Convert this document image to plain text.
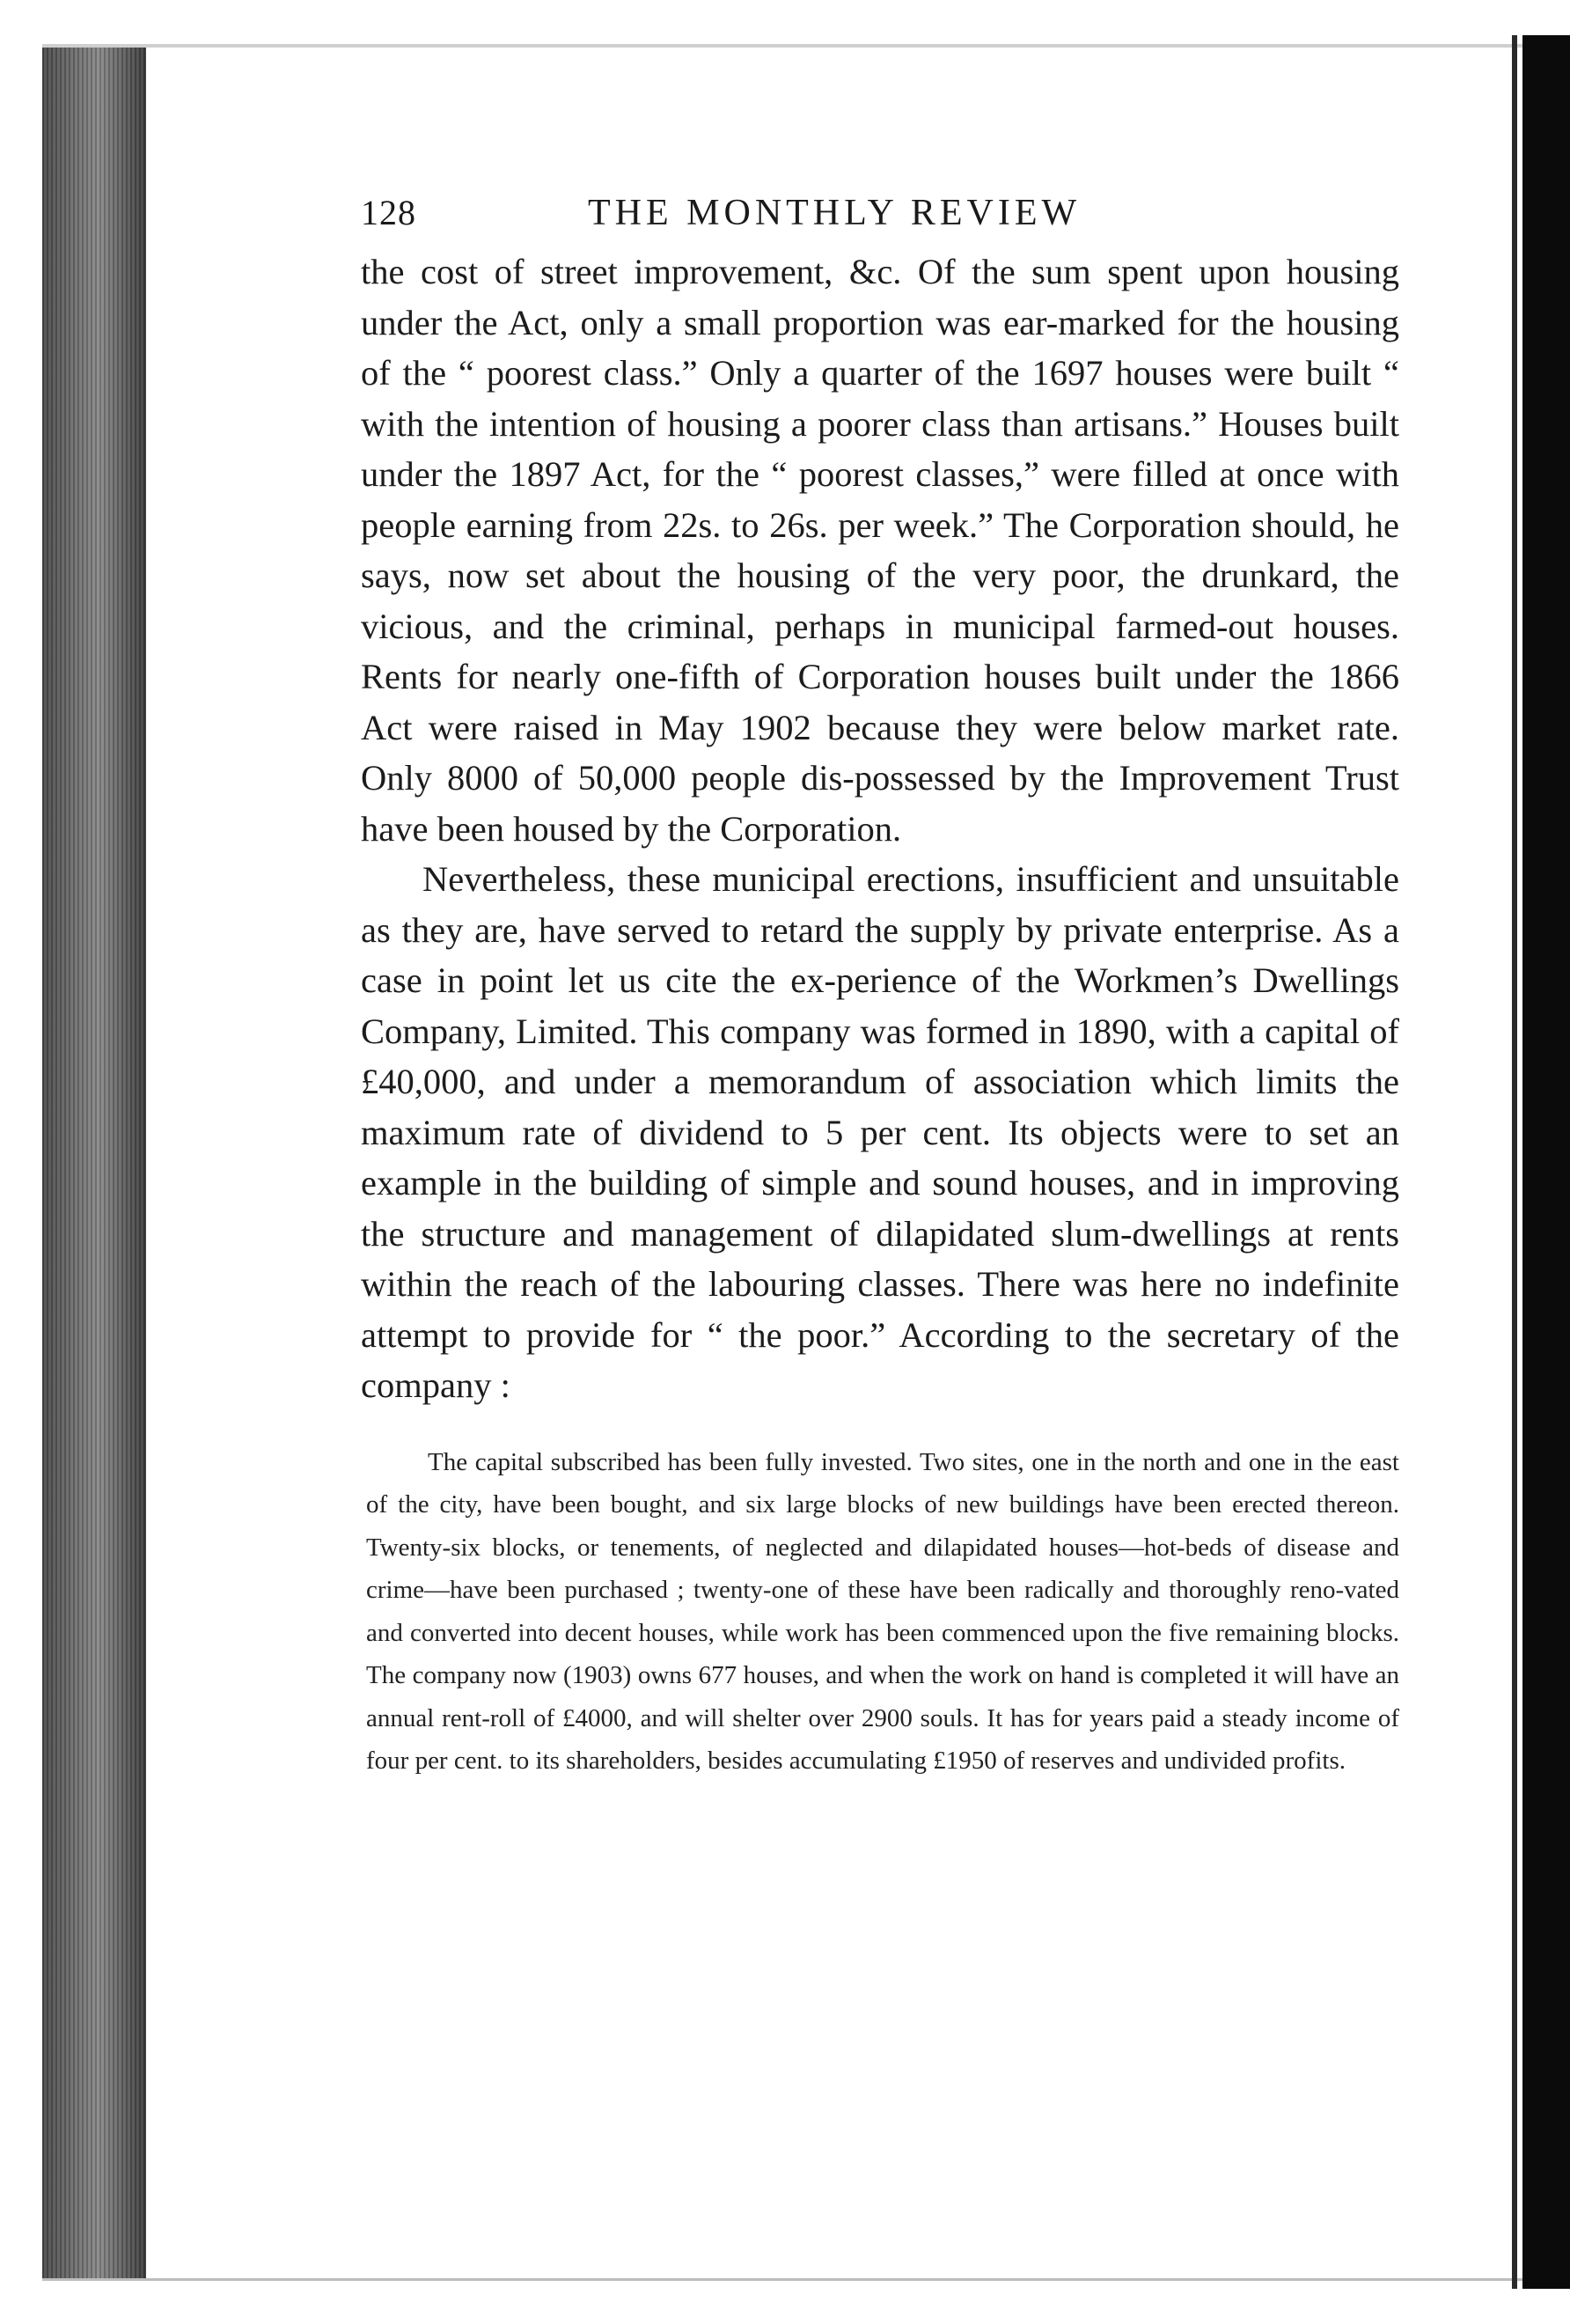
128	THE MONTHLY REVIEW

the cost of street improvement, &c. Of the sum spent upon housing under the Act, only a small proportion was ear-marked for the housing of the “ poorest class.” Only a quarter of the 1697 houses were built “ with the intention of housing a poorer class than artisans.” Houses built under the 1897 Act, for the “ poorest classes,” were filled at once with people earning from 22s. to 26s. per week.” The Corporation should, he says, now set about the housing of the very poor, the drunkard, the vicious, and the criminal, perhaps in municipal farmed-out houses. Rents for nearly one-fifth of Corporation houses built under the 1866 Act were raised in May 1902 because they were below market rate. Only 8000 of 50,000 people dis-possessed by the Improvement Trust have been housed by the Corporation.

Nevertheless, these municipal erections, insufficient and unsuitable as they are, have served to retard the supply by private enterprise. As a case in point let us cite the ex-perience of the Workmen’s Dwellings Company, Limited. This company was formed in 1890, with a capital of £40,000, and under a memorandum of association which limits the maximum rate of dividend to 5 per cent. Its objects were to set an example in the building of simple and sound houses, and in improving the structure and management of dilapidated slum-dwellings at rents within the reach of the labouring classes. There was here no indefinite attempt to provide for “ the poor.” According to the secretary of the company :

The capital subscribed has been fully invested. Two sites, one in the north and one in the east of the city, have been bought, and six large blocks of new buildings have been erected thereon. Twenty-six blocks, or tenements, of neglected and dilapidated houses—hot-beds of disease and crime—have been purchased ; twenty-one of these have been radically and thoroughly reno-vated and converted into decent houses, while work has been commenced upon the five remaining blocks. The company now (1903) owns 677 houses, and when the work on hand is completed it will have an annual rent-roll of £4000, and will shelter over 2900 souls. It has for years paid a steady income of four per cent. to its shareholders, besides accumulating £1950 of reserves and undivided profits.
